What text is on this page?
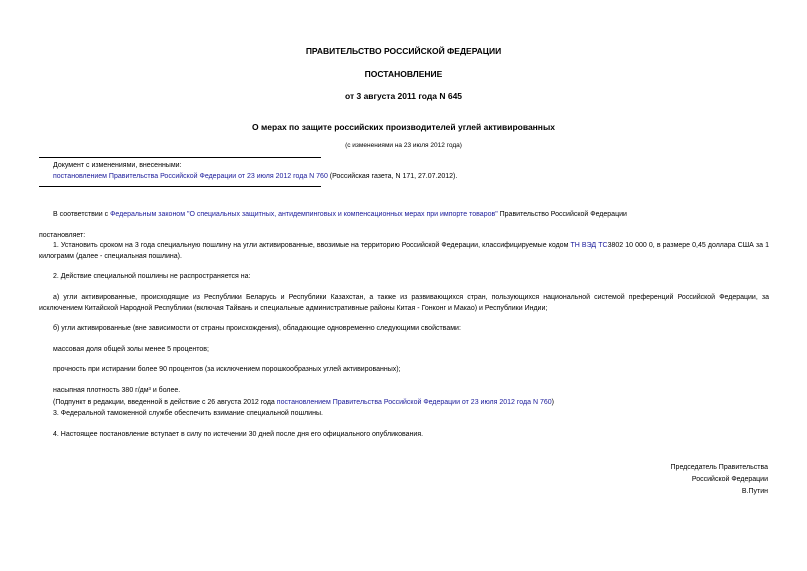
ПРАВИТЕЛЬСТВО РОССИЙСКОЙ ФЕДЕРАЦИИ
ПОСТАНОВЛЕНИЕ
от 3 августа 2011 года N 645
О мерах по защите российских производителей углей активированных
(с изменениями на 23 июля 2012 года)

Документ с изменениями, внесенными:

постановлением Правительства Российской Федерации от 23 июля 2012 года N 760 (Российская газета, N 171, 27.07.2012).

В соответствии с Федеральным законом "О специальных защитных, антидемпинговых и компенсационных мерах при импорте товаров" Правительство Российской Федерации
постановляет:
1. Установить сроком на 3 года специальную пошлину на угли активированные, ввозимые на территорию Российской Федерации, классифицируемые кодом ТН ВЭД ТС3802 10 000 0, в размере 0,45 доллара США за 1 килограмм (далее - специальная пошлина).
2. Действие специальной пошлины не распространяется на:
а) угли активированные, происходящие из Республики Беларусь и Республики Казахстан, а также из развивающихся стран, пользующихся национальной системой преференций Российской Федерации, за исключением Китайской Народной Республики (включая Тайвань и специальные административные районы Китая - Гонконг и Макао) и Республики Индии;
б) угли активированные (вне зависимости от страны происхождения), обладающие одновременно следующими свойствами:
массовая доля общей золы менее 5 процентов;
прочность при истирании более 90 процентов (за исключением порошкообразных углей активированных);
насыпная плотность 380 г/дм³ и более.
(Подпункт в редакции, введенной в действие с 26 августа 2012 года постановлением Правительства Российской Федерации от 23 июля 2012 года N 760)
3. Федеральной таможенной службе обеспечить взимание специальной пошлины.
4. Настоящее постановление вступает в силу по истечении 30 дней после дня его официального опубликования.

Председатель Правительства

Российской Федерации

В.Путин
